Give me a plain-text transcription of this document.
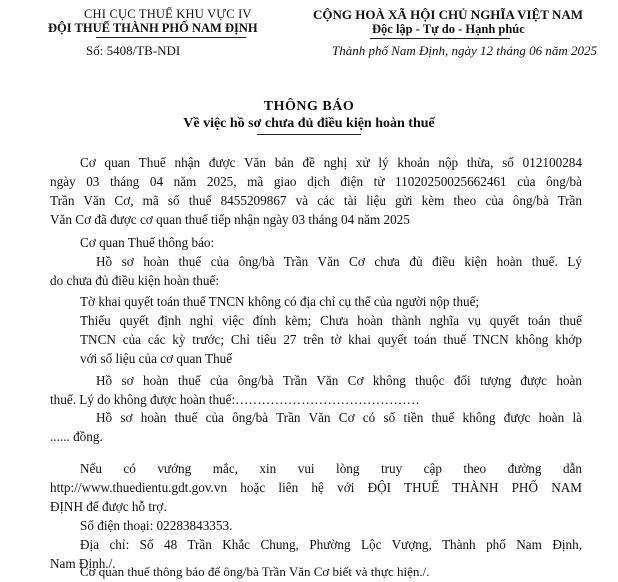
CHI CỤC THUẾ KHU VỰC IV
ĐỘI THUẾ THÀNH PHỐ NAM ĐỊNH
Số: 5408/TB-NDI
CỘNG HOÀ XÃ HỘI CHỦ NGHĨA VIỆT NAM
Độc lập - Tự do - Hạnh phúc
Thành phố Nam Định, ngày 12 tháng 06 năm 2025
THÔNG BÁO
Về việc hồ sơ chưa đủ điều kiện hoàn thuế
Cơ quan Thuế nhận được Văn bản đề nghị xử lý khoản nộp thừa, số 012100284
ngày 03 tháng 04 năm 2025, mã giao dịch điện tử 11020250025662461 của ông/bà
Trần Văn Cơ, mã số thuế 8455209867 và các tài liệu gửi kèm theo của ông/bà Trần
Văn Cơ đã được cơ quan thuế tiếp nhận ngày 03 tháng 04 năm 2025
Cơ quan Thuế thông báo:
Hồ sơ hoàn thuế của ông/bà Trần Văn Cơ chưa đủ điều kiện hoàn thuế. Lý
do chưa đủ điều kiện hoàn thuế:
Tờ khai quyết toán thuế TNCN không có địa chỉ cụ thể của người nộp thuế;
Thiếu quyết định nghỉ việc đính kèm; Chưa hoàn thành nghĩa vụ quyết toán thuế
TNCN của các kỳ trước; Chỉ tiêu 27 trên tờ khai quyết toán thuế TNCN không khớp
với số liệu của cơ quan Thuế
Hồ sơ hoàn thuế của ông/bà Trần Văn Cơ không thuộc đối tượng được hoàn
thuế. Lý do không được hoàn thuế:……………………………………
Hồ sơ hoàn thuế của ông/bà Trần Văn Cơ có số tiền thuế không được hoàn là
...... đồng.
Nếu có vướng mắc, xin vui lòng truy cập theo đường dẫn
http://www.thuedientu.gdt.gov.vn hoặc liên hệ với ĐỘI THUẾ THÀNH PHỐ NAM
ĐỊNH để được hỗ trợ.
Số điện thoại: 02283843353.
Địa chỉ: Số 48 Trần Khắc Chung, Phường Lộc Vượng, Thành phố Nam Định,
Nam Định./.
Cơ quan thuế thông báo để ông/bà Trần Văn Cơ biết và thực hiện./.
